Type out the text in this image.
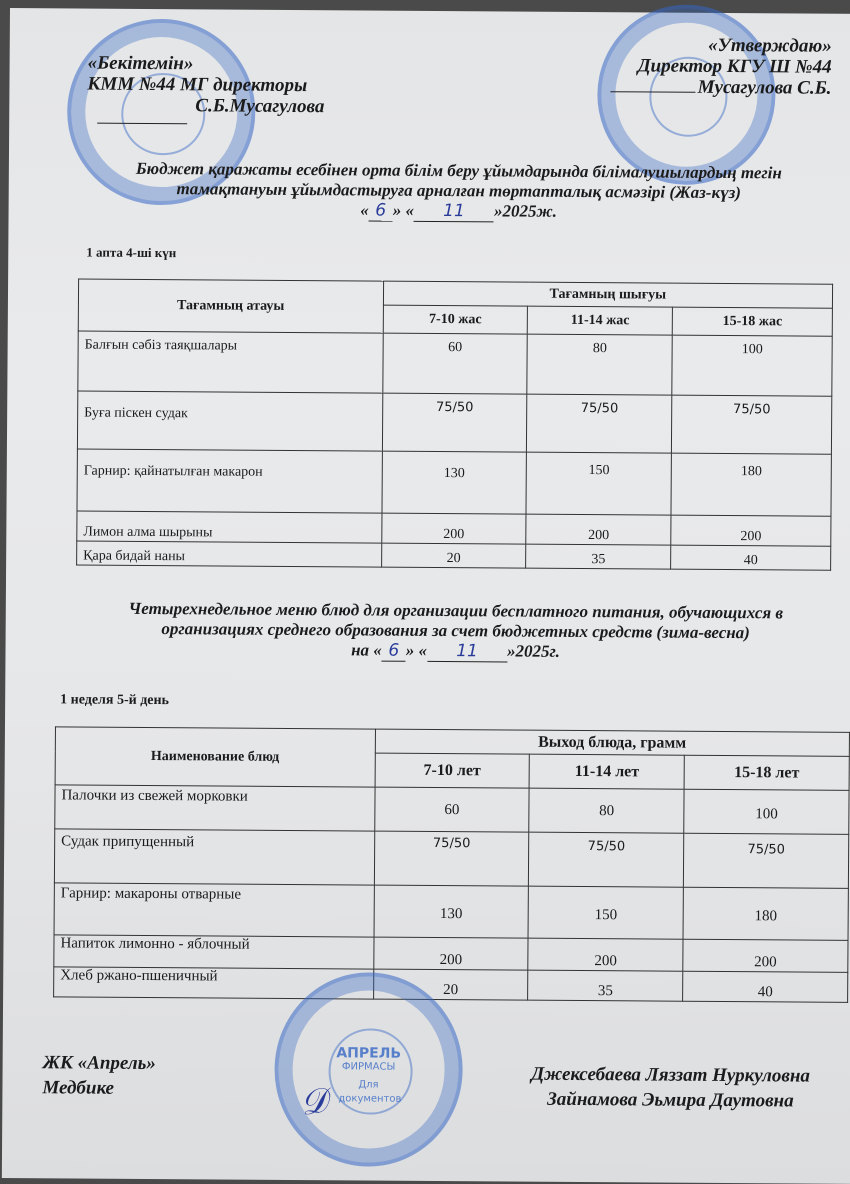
«Бекітемін»
КММ №44 МГ директоры
С.Б.Мусагулова
«Утверждаю»
Директор КГУ Ш №44
Мусагулова С.Б.
Бюджет қаражаты есебінен орта білім беру ұйымдарында білімалушылардың тегін
тамақтануын ұйымдастыруға арналған төртапталық асмәзірі (Жаз-күз)
« 6 » « 11 »2025ж.
1 апта 4-ші күн
Тағамның атауы	Тағамның шығуы		
	7-10 жас	11-14 жас	15-18 жас
Балғын сәбіз таяқшалары	60	80	100
Буға піскен судак	75/50	75/50	75/50
Гарнир: қайнатылған макарон	130	150	180
Лимон алма шырыны	200	200	200
Қара бидай наны	20	35	40
Четырехнедельное меню блюд для организации бесплатного питания, обучающихся в
организациях среднего образования за счет бюджетных средств (зима-весна)
на « 6 » « 11 »2025г.
1 неделя 5-й день
Наименование блюд	Выход блюда, грамм		
	7-10 лет	11-14 лет	15-18 лет
Палочки из свежей морковки	60	80	100
Судак припущенный	75/50	75/50	75/50
Гарнир: макароны отварные	130	150	180
Напиток лимонно - яблочный	200	200	200
Хлеб ржано-пшеничный	20	35	40
АПРЕЛЬ
ФИРМАСЫ
Для документов
ЖК «Апрель»
Медбике
Джексебаева Ляззат Нуркуловна
Зайнамова Эьмира Даутовна
𝒟
